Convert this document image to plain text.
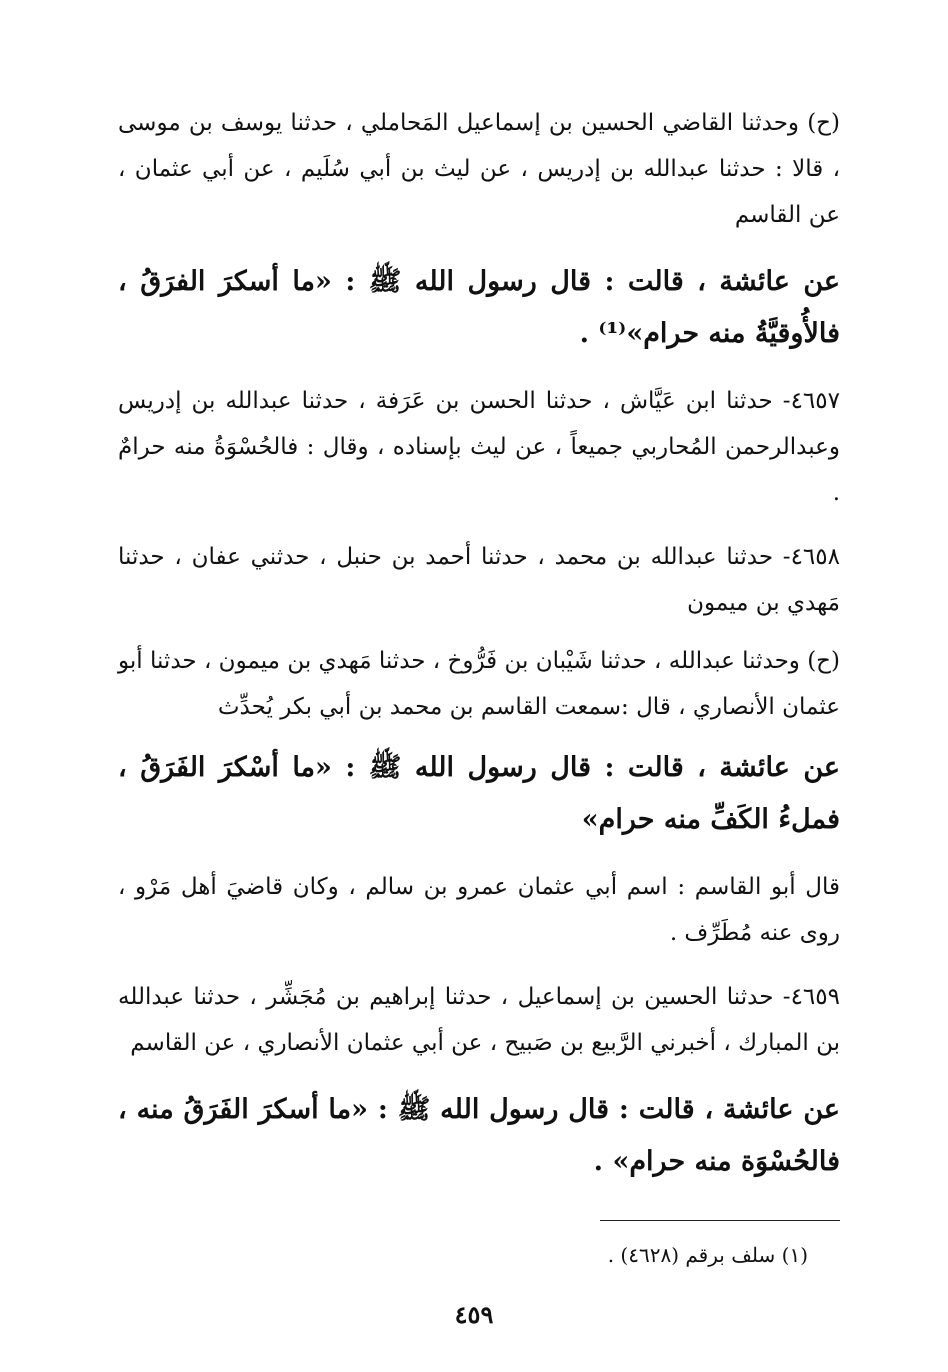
(ح) وحدثنا القاضي الحسين بن إسماعيل المَحاملي ، حدثنا يوسف بن موسى ، قالا : حدثنا عبدالله بن إدريس ، عن ليث بن أبي سُلَيم ، عن أبي عثمان ، عن القاسم

عن عائشة ، قالت : قال رسول الله ﷺ : «ما أسكرَ الفرَقُ ، فالأُوقيَّةُ منه حرام»⁽¹⁾ .

٤٦٥٧- حدثنا ابن عَيَّاش ، حدثنا الحسن بن عَرَفة ، حدثنا عبدالله بن إدريس وعبدالرحمن المُحاربي جميعاً ، عن ليث بإسناده ، وقال : فالحُسْوَةُ منه حرامٌ .

٤٦٥٨- حدثنا عبدالله بن محمد ، حدثنا أحمد بن حنبل ، حدثني عفان ، حدثنا مَهدي بن ميمون

(ح) وحدثنا عبدالله ، حدثنا شَيْبان بن فَرُّوخ ، حدثنا مَهدي بن ميمون ، حدثنا أبو عثمان الأنصاري ، قال :سمعت القاسم بن محمد بن أبي بكر يُحدِّث

عن عائشة ، قالت : قال رسول الله ﷺ : «ما أسْكرَ الفَرَقُ ، فملءُ الكَفِّ منه حرام»

قال أبو القاسم : اسم أبي عثمان عمرو بن سالم ، وكان قاضيَ أهل مَرْو ، روى عنه مُطَرِّف .

٤٦٥٩- حدثنا الحسين بن إسماعيل ، حدثنا إبراهيم بن مُجَشِّر ، حدثنا عبدالله بن المبارك ، أخبرني الرَّبيع بن صَبيح ، عن أبي عثمان الأنصاري ، عن القاسم

عن عائشة ، قالت : قال رسول الله ﷺ : «ما أسكرَ الفَرَقُ منه ، فالحُسْوَة منه حرام» .

(١) سلف برقم (٤٦٢٨) .
٤٥٩
